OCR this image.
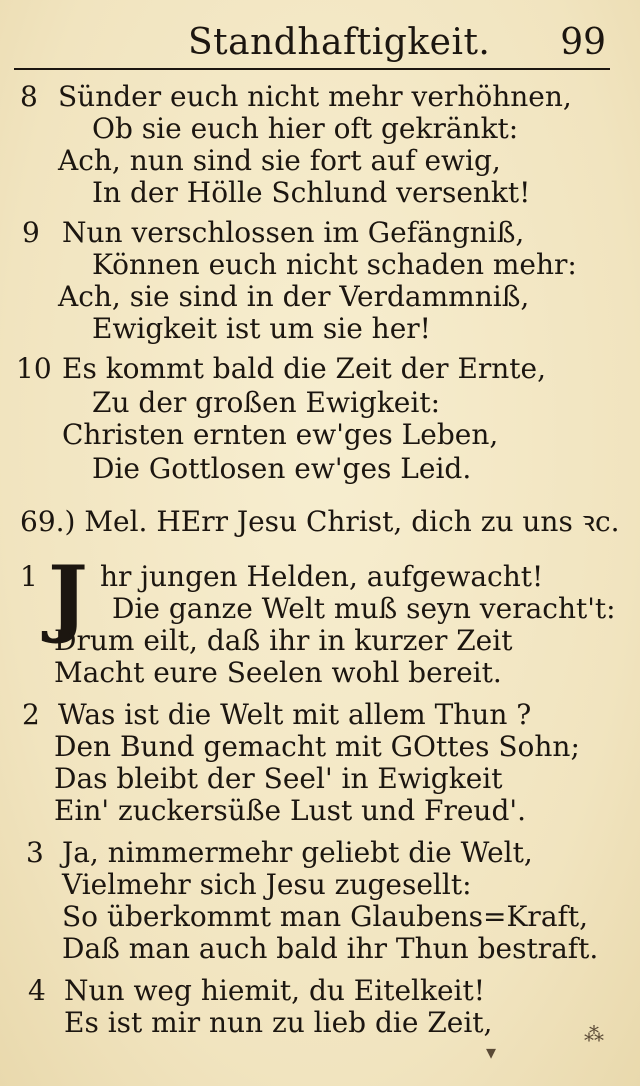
Standhaftigkeit. 99
8 Sünder euch nicht mehr verhöhnen,
Ob sie euch hier oft gekränkt:
Ach, nun sind sie fort auf ewig,
In der Hölle Schlund versenkt!
9 Nun verschlossen im Gefängniß,
Können euch nicht schaden mehr:
Ach, sie sind in der Verdammniß,
Ewigkeit ist um sie her!
10 Es kommt bald die Zeit der Ernte,
Zu der großen Ewigkeit:
Christen ernten ew'ges Leben,
Die Gottlosen ew'ges Leid.
69.) Mel. HErr Jesu Christ, dich zu uns ꝛc.
1 J hr jungen Helden, aufgewacht!
Die ganze Welt muß seyn veracht't:
Drum eilt, daß ihr in kurzer Zeit
Macht eure Seelen wohl bereit.
2 Was ist die Welt mit allem Thun ?
Den Bund gemacht mit GOttes Sohn;
Das bleibt der Seel' in Ewigkeit
Ein' zuckersüße Lust und Freud'.
3 Ja, nimmermehr geliebt die Welt,
Vielmehr sich Jesu zugesellt:
So überkommt man Glaubens=Kraft,
Daß man auch bald ihr Thun bestraft.
4 Nun weg hiemit, du Eitelkeit!
Es ist mir nun zu lieb die Zeit,
▾
⁂
